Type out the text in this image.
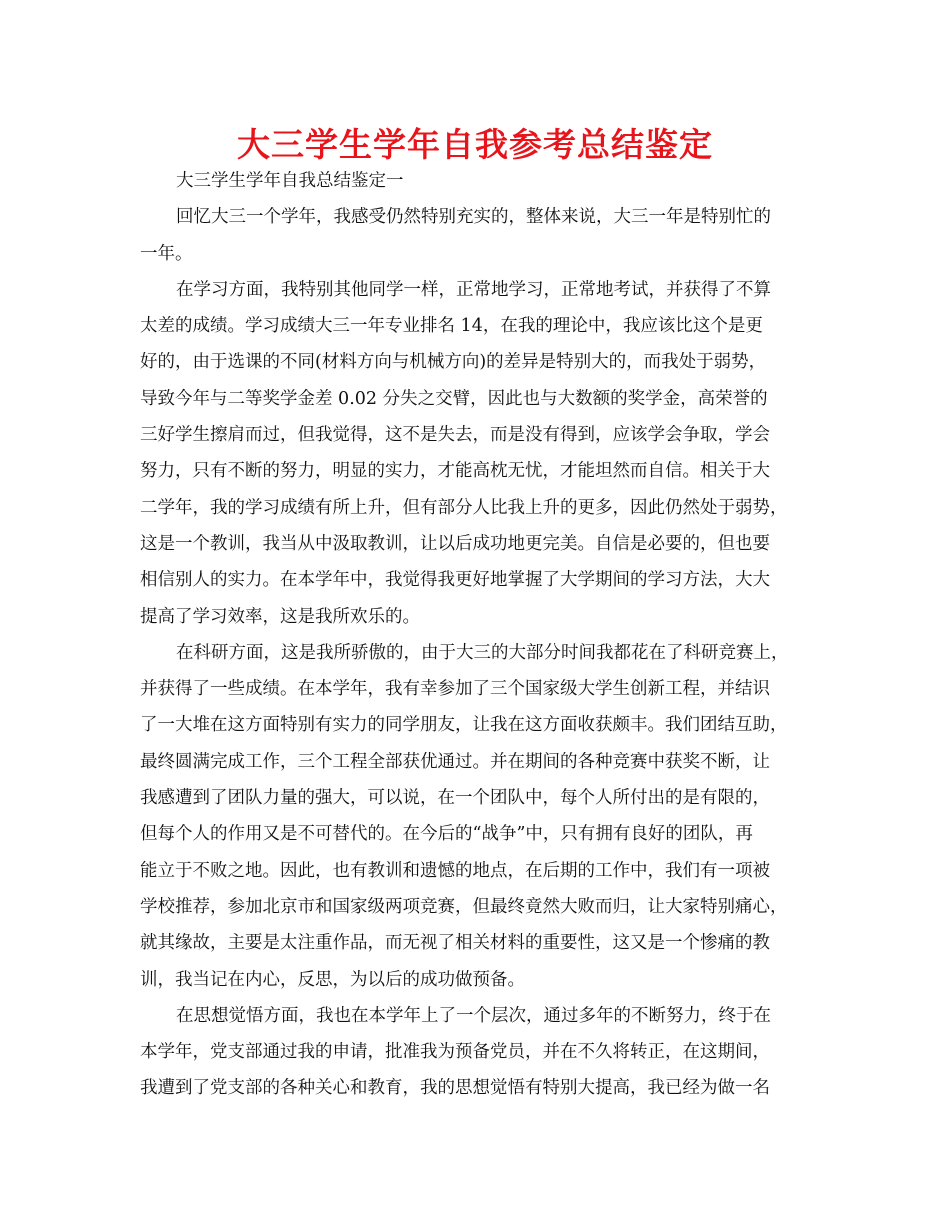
大三学生学年自我参考总结鉴定
大三学生学年自我总结鉴定一
回忆大三一个学年，我感受仍然特别充实的，整体来说，大三一年是特别忙的
一年。
在学习方面，我特别其他同学一样，正常地学习，正常地考试，并获得了不算
太差的成绩。学习成绩大三一年专业排名 14，在我的理论中，我应该比这个是更
好的，由于选课的不同(材料方向与机械方向)的差异是特别大的，而我处于弱势，
导致今年与二等奖学金差 0.02 分失之交臂，因此也与大数额的奖学金，高荣誉的
三好学生擦肩而过，但我觉得，这不是失去，而是没有得到，应该学会争取，学会
努力，只有不断的努力，明显的实力，才能高枕无忧，才能坦然而自信。相关于大
二学年，我的学习成绩有所上升，但有部分人比我上升的更多，因此仍然处于弱势，
这是一个教训，我当从中汲取教训，让以后成功地更完美。自信是必要的，但也要
相信别人的实力。在本学年中，我觉得我更好地掌握了大学期间的学习方法，大大
提高了学习效率，这是我所欢乐的。
在科研方面，这是我所骄傲的，由于大三的大部分时间我都花在了科研竞赛上，
并获得了一些成绩。在本学年，我有幸参加了三个国家级大学生创新工程，并结识
了一大堆在这方面特别有实力的同学朋友，让我在这方面收获颇丰。我们团结互助，
最终圆满完成工作，三个工程全部获优通过。并在期间的各种竞赛中获奖不断，让
我感遭到了团队力量的强大，可以说，在一个团队中，每个人所付出的是有限的，
但每个人的作用又是不可替代的。在今后的“战争”中，只有拥有良好的团队，再
能立于不败之地。因此，也有教训和遗憾的地点，在后期的工作中，我们有一项被
学校推荐，参加北京市和国家级两项竞赛，但最终竟然大败而归，让大家特别痛心，
就其缘故，主要是太注重作品，而无视了相关材料的重要性，这又是一个惨痛的教
训，我当记在内心，反思，为以后的成功做预备。
在思想觉悟方面，我也在本学年上了一个层次，通过多年的不断努力，终于在
本学年，党支部通过我的申请，批准我为预备党员，并在不久将转正，在这期间，
我遭到了党支部的各种关心和教育，我的思想觉悟有特别大提高，我已经为做一名
